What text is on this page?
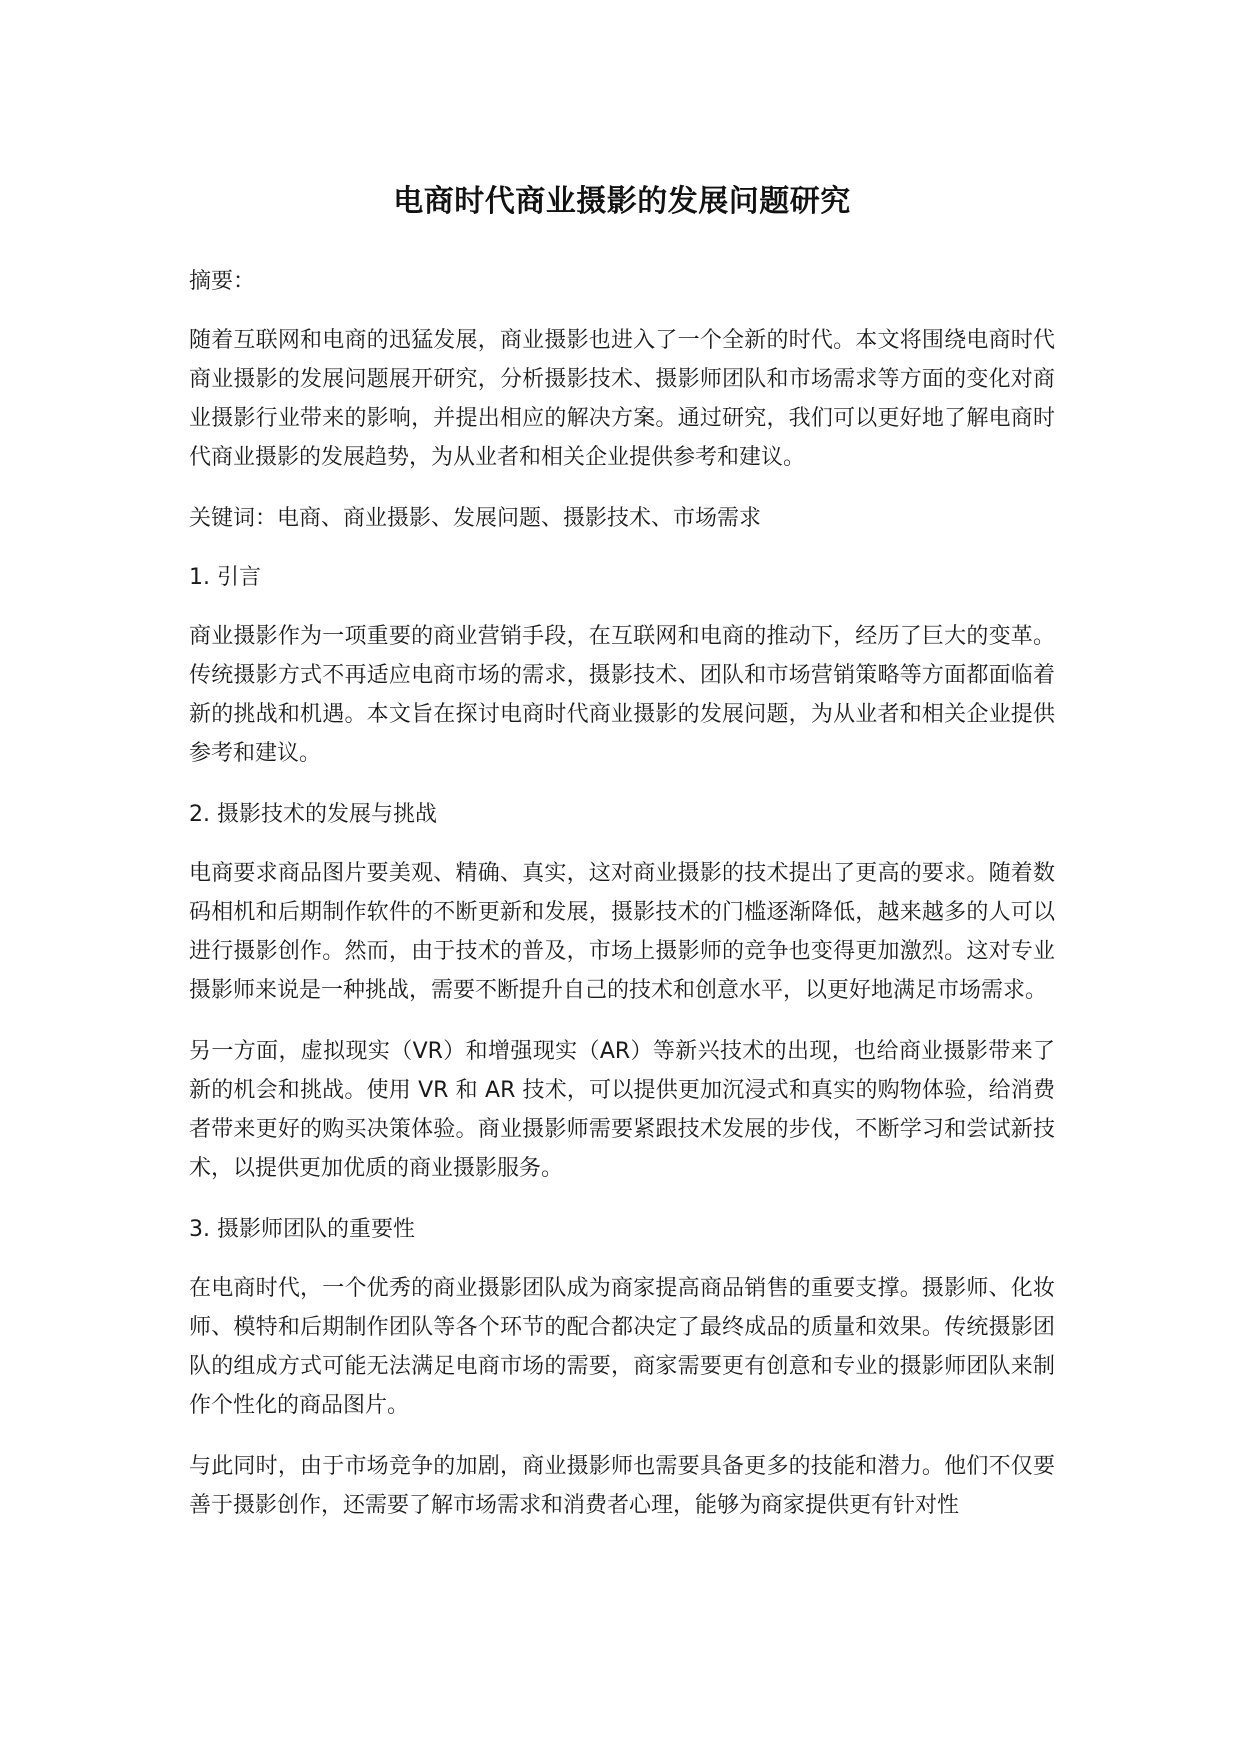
电商时代商业摄影的发展问题研究

摘要：

随着互联网和电商的迅猛发展，商业摄影也进入了一个全新的时代。本文将围绕电商时代商业摄影的发展问题展开研究，分析摄影技术、摄影师团队和市场需求等方面的变化对商业摄影行业带来的影响，并提出相应的解决方案。通过研究，我们可以更好地了解电商时代商业摄影的发展趋势，为从业者和相关企业提供参考和建议。

关键词：电商、商业摄影、发展问题、摄影技术、市场需求

1. 引言

商业摄影作为一项重要的商业营销手段，在互联网和电商的推动下，经历了巨大的变革。传统摄影方式不再适应电商市场的需求，摄影技术、团队和市场营销策略等方面都面临着新的挑战和机遇。本文旨在探讨电商时代商业摄影的发展问题，为从业者和相关企业提供参考和建议。

2. 摄影技术的发展与挑战

电商要求商品图片要美观、精确、真实，这对商业摄影的技术提出了更高的要求。随着数码相机和后期制作软件的不断更新和发展，摄影技术的门槛逐渐降低，越来越多的人可以进行摄影创作。然而，由于技术的普及，市场上摄影师的竞争也变得更加激烈。这对专业摄影师来说是一种挑战，需要不断提升自己的技术和创意水平，以更好地满足市场需求。

另一方面，虚拟现实（VR）和增强现实（AR）等新兴技术的出现，也给商业摄影带来了新的机会和挑战。使用 VR 和 AR 技术，可以提供更加沉浸式和真实的购物体验，给消费者带来更好的购买决策体验。商业摄影师需要紧跟技术发展的步伐，不断学习和尝试新技术，以提供更加优质的商业摄影服务。

3. 摄影师团队的重要性

在电商时代，一个优秀的商业摄影团队成为商家提高商品销售的重要支撑。摄影师、化妆师、模特和后期制作团队等各个环节的配合都决定了最终成品的质量和效果。传统摄影团队的组成方式可能无法满足电商市场的需要，商家需要更有创意和专业的摄影师团队来制作个性化的商品图片。

与此同时，由于市场竞争的加剧，商业摄影师也需要具备更多的技能和潜力。他们不仅要善于摄影创作，还需要了解市场需求和消费者心理，能够为商家提供更有针对性
